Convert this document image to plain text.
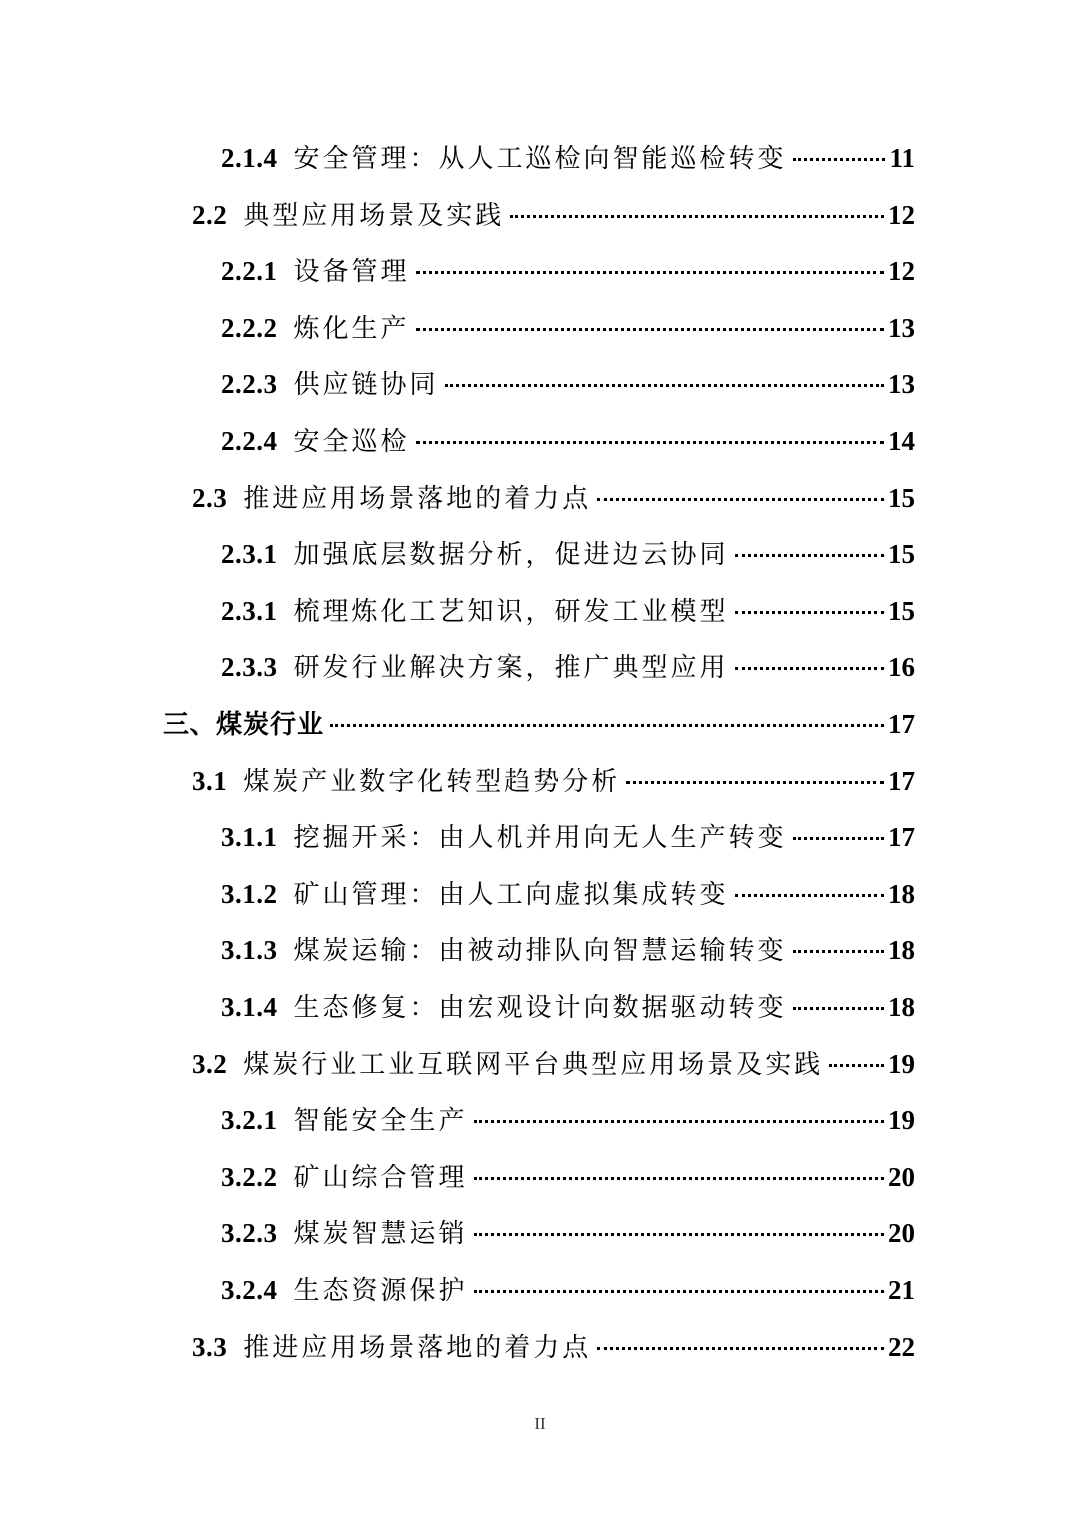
2.1.4 安全管理：从人工巡检向智能巡检转变	11
2.2 典型应用场景及实践	12
2.2.1 设备管理	12
2.2.2 炼化生产	13
2.2.3 供应链协同	13
2.2.4 安全巡检	14
2.3 推进应用场景落地的着力点	15
2.3.1 加强底层数据分析，促进边云协同	15
2.3.1 梳理炼化工艺知识，研发工业模型	15
2.3.3 研发行业解决方案，推广典型应用	16
三、 煤炭行业	17
3.1 煤炭产业数字化转型趋势分析	17
3.1.1 挖掘开采：由人机并用向无人生产转变	17
3.1.2 矿山管理：由人工向虚拟集成转变	18
3.1.3 煤炭运输：由被动排队向智慧运输转变	18
3.1.4 生态修复：由宏观设计向数据驱动转变	18
3.2 煤炭行业工业互联网平台典型应用场景及实践 19
3.2.1 智能安全生产	19
3.2.2 矿山综合管理	20
3.2.3 煤炭智慧运销	20
3.2.4 生态资源保护	21
3.3 推进应用场景落地的着力点	22
II
